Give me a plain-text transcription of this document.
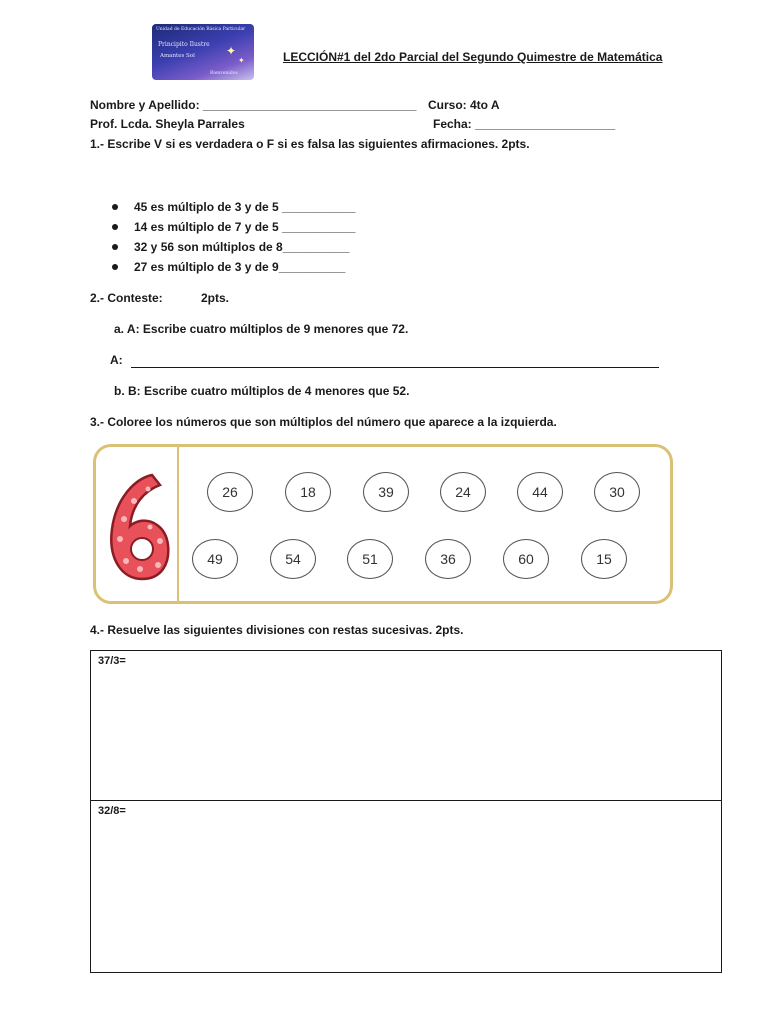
Unidad de Educación Básica Particular
Principito Ilustre
Amantes Sol
Bienvenidos
✦
✦	LECCIÓN#1 del 2do Parcial del Segundo Quimestre de Matemática
Nombre y Apellido: ________________________________ Curso: 4to A
Prof. Lcda. Sheyla Parrales	Fecha: _____________________
1.- Escribe V si es verdadera o F si es falsa las siguientes afirmaciones. 2pts.
45 es múltiplo de 3 y de 5 ___________
14 es múltiplo de 7 y de 5 ___________
32 y 56 son múltiplos de 8__________
27 es múltiplo de 3 y de 9__________
2.- Conteste:	2pts.
a. A: Escribe cuatro múltiplos de 9 menores que 72.
A:
b. B: Escribe cuatro múltiplos de 4 menores que 52.
3.- Coloree los números que son múltiplos del número que aparece a la izquierda.
26	18	39	24	44	30
49	54	51	36	60	15
4.- Resuelve las siguientes divisiones con restas sucesivas. 2pts.
37/3=
32/8=
